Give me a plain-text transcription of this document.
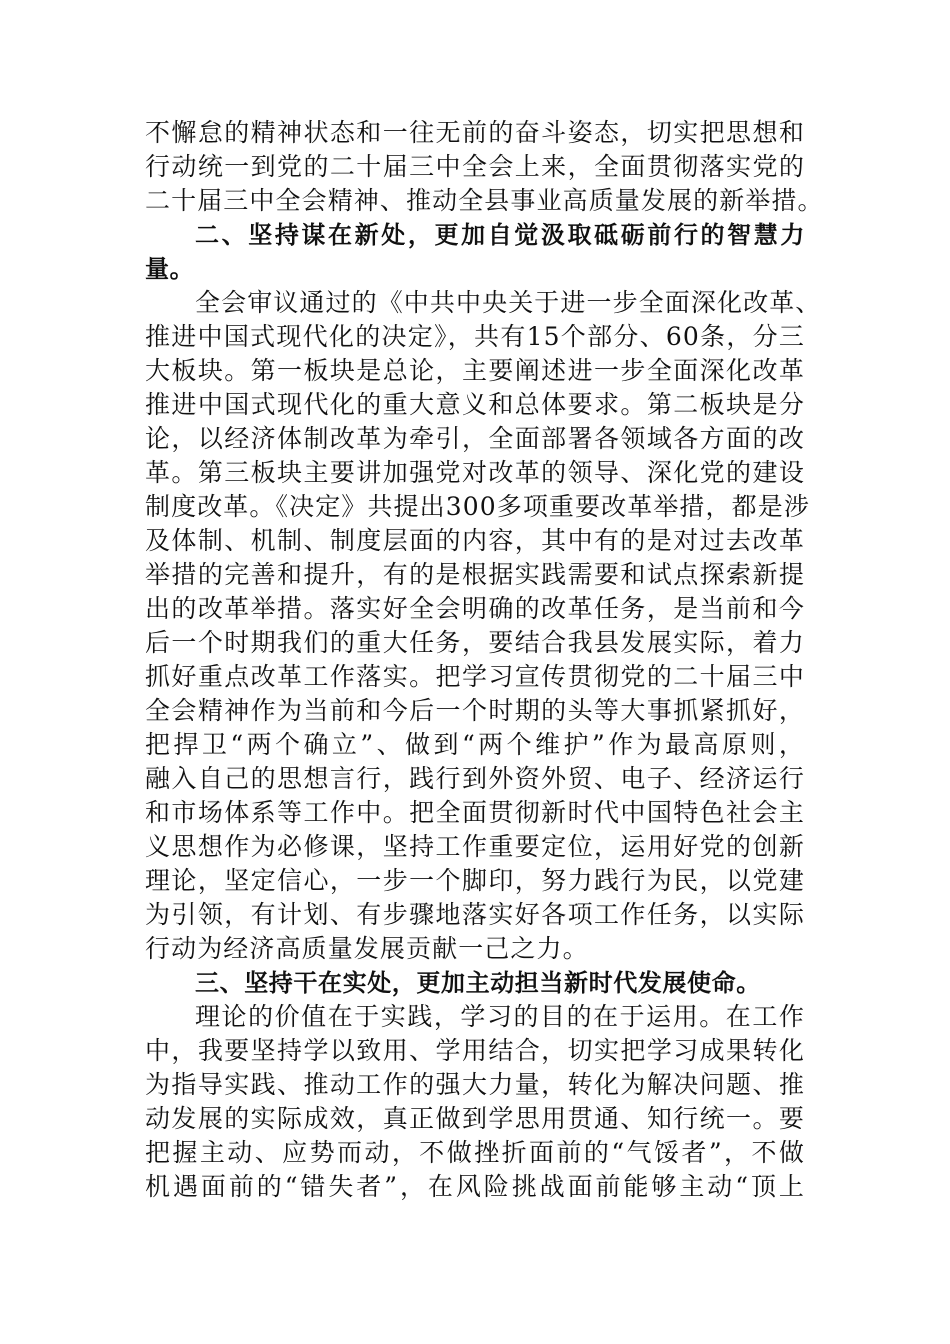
不懈怠的精神状态和一往无前的奋斗姿态，切实把思想和
行动统一到党的二十届三中全会上来，全面贯彻落实党的
二十届三中全会精神、推动全县事业高质量发展的新举措。
二、坚持谋在新处，更加自觉汲取砥砺前行的智慧力
量。
全会审议通过的《中共中央关于进一步全面深化改革、
推进中国式现代化的决定》，共有15个部分、60条，分三
大板块。第一板块是总论，主要阐述进一步全面深化改革
推进中国式现代化的重大意义和总体要求。第二板块是分
论，以经济体制改革为牵引，全面部署各领域各方面的改
革。第三板块主要讲加强党对改革的领导、深化党的建设
制度改革。《决定》共提出300多项重要改革举措，都是涉
及体制、机制、制度层面的内容，其中有的是对过去改革
举措的完善和提升，有的是根据实践需要和试点探索新提
出的改革举措。落实好全会明确的改革任务，是当前和今
后一个时期我们的重大任务，要结合我县发展实际，着力
抓好重点改革工作落实。把学习宣传贯彻党的二十届三中
全会精神作为当前和今后一个时期的头等大事抓紧抓好，
把捍卫“两个确立”、做到“两个维护”作为最高原则，
融入自己的思想言行，践行到外资外贸、电子、经济运行
和市场体系等工作中。把全面贯彻新时代中国特色社会主
义思想作为必修课，坚持工作重要定位，运用好党的创新
理论，坚定信心，一步一个脚印，努力践行为民，以党建
为引领，有计划、有步骤地落实好各项工作任务，以实际
行动为经济高质量发展贡献一己之力。
三、坚持干在实处，更加主动担当新时代发展使命。
理论的价值在于实践，学习的目的在于运用。在工作
中，我要坚持学以致用、学用结合，切实把学习成果转化
为指导实践、推动工作的强大力量，转化为解决问题、推
动发展的实际成效，真正做到学思用贯通、知行统一。要
把握主动、应势而动，不做挫折面前的“气馁者”，不做
机遇面前的“错失者”，在风险挑战面前能够主动“顶上
